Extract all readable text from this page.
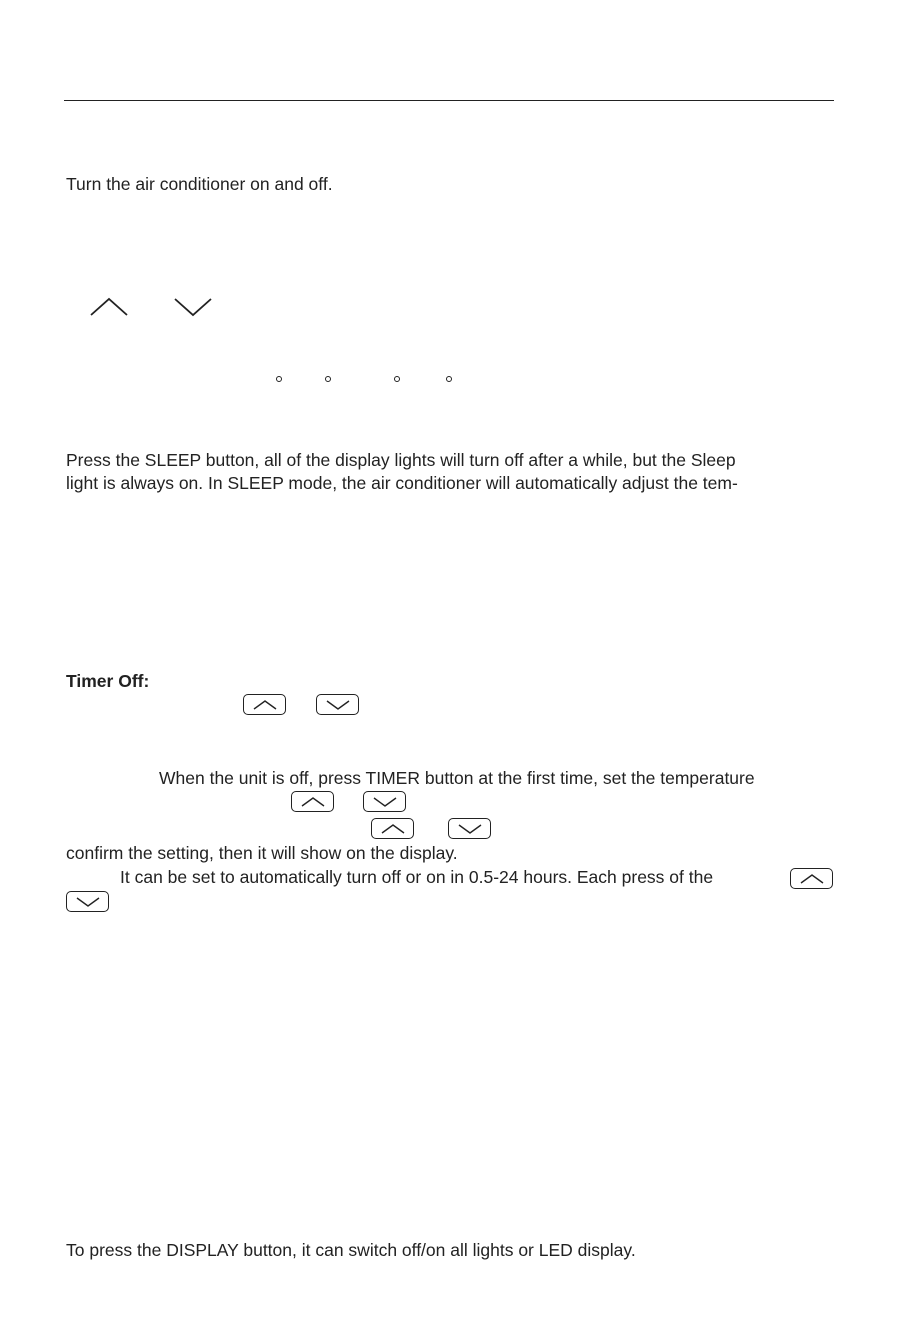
Turn the air conditioner on and off.
Press the SLEEP button, all of the display lights will turn off after a while, but the Sleep
light is always on. In SLEEP mode, the air conditioner will automatically adjust the tem-
Timer Off:
When the unit is off, press TIMER button at the first time, set the temperature
confirm the setting, then it will show on the display.
It can be set to automatically turn off or on in 0.5-24 hours. Each press of the
To press the DISPLAY button, it can switch off/on all lights or LED display.
